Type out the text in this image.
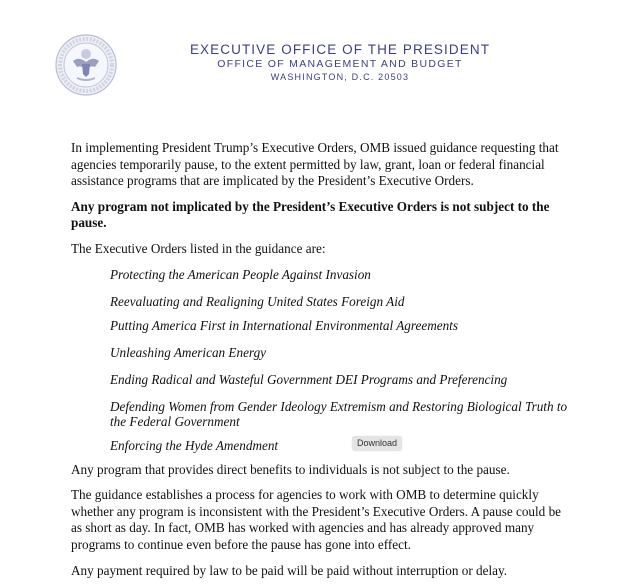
EXECUTIVE OFFICE OF THE PRESIDENT
OFFICE OF MANAGEMENT AND BUDGET
WASHINGTON, D.C. 20503

In implementing President Trump’s Executive Orders, OMB issued guidance requesting that agencies temporarily pause, to the extent permitted by law, grant, loan or federal financial assistance programs that are implicated by the President’s Executive Orders.

Any program not implicated by the President’s Executive Orders is not subject to the pause.

The Executive Orders listed in the guidance are:

Protecting the American People Against Invasion
Reevaluating and Realigning United States Foreign Aid
Putting America First in International Environmental Agreements
Unleashing American Energy
Ending Radical and Wasteful Government DEI Programs and Preferencing
Defending Women from Gender Ideology Extremism and Restoring Biological Truth to the Federal Government
Enforcing the Hyde Amendment

Any program that provides direct benefits to individuals is not subject to the pause.

The guidance establishes a process for agencies to work with OMB to determine quickly whether any program is inconsistent with the President’s Executive Orders. A pause could be as short as day. In fact, OMB has worked with agencies and has already approved many programs to continue even before the pause has gone into effect.

Any payment required by law to be paid will be paid without interruption or delay.

Download
